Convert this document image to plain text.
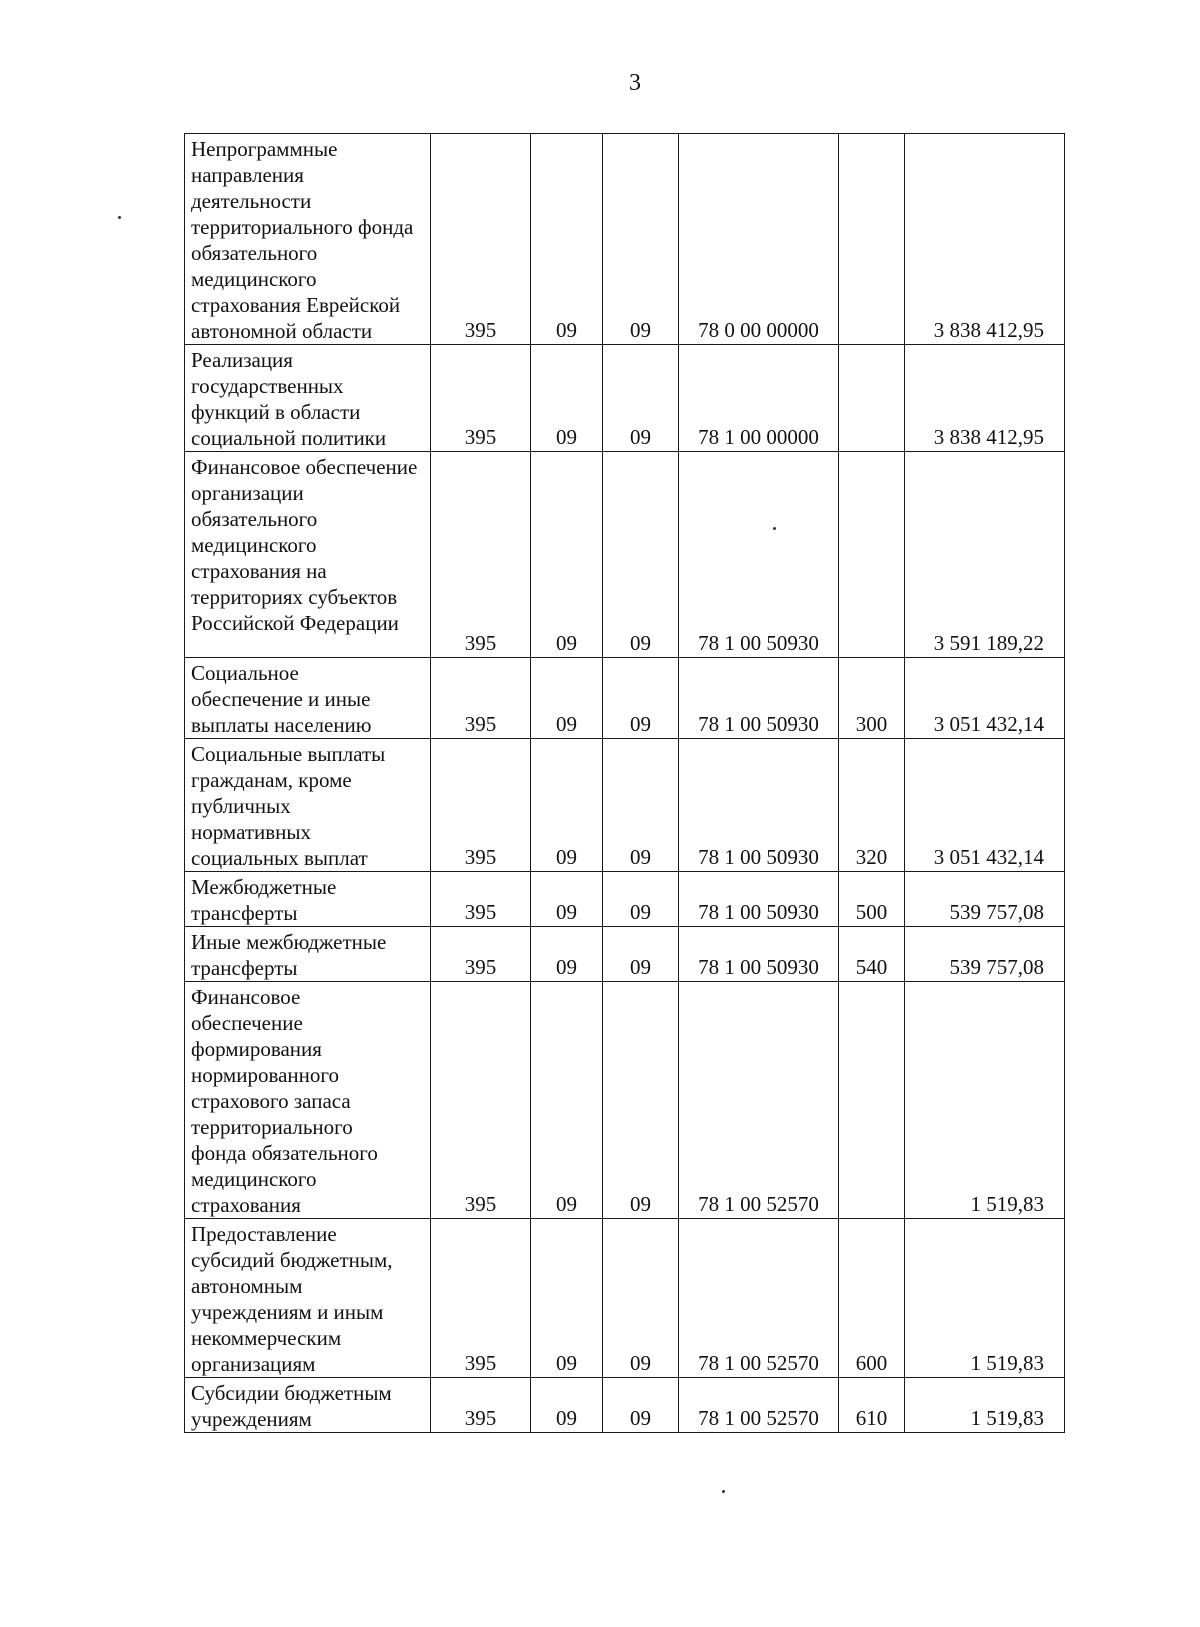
3
Непрограммные направления деятельности территориального фонда обязательного медицинского страхования Еврейской автономной области	395	09	09	78 0 00 00000		3 838 412,95

Реализация государственных функций в области социальной политики	395	09	09	78 1 00 00000		3 838 412,95

Финансовое обеспечение организации обязательного медицинского страхования на территориях субъектов Российской Федерации	395	09	09	78 1 00 50930		3 591 189,22

Социальное обеспечение и иные выплаты населению	395	09	09	78 1 00 50930	300	3 051 432,14

Социальные выплаты гражданам, кроме публичных нормативных социальных выплат	395	09	09	78 1 00 50930	320	3 051 432,14

Межбюджетные трансферты	395	09	09	78 1 00 50930	500	539 757,08

Иные межбюджетные трансферты	395	09	09	78 1 00 50930	540	539 757,08

Финансовое обеспечение формирования нормированного страхового запаса территориального фонда обязательного медицинского страхования	395	09	09	78 1 00 52570		1 519,83

Предоставление субсидий бюджетным, автономным учреждениям и иным некоммерческим организациям	395	09	09	78 1 00 52570	600	1 519,83

Субсидии бюджетным учреждениям	395	09	09	78 1 00 52570	610	1 519,83
